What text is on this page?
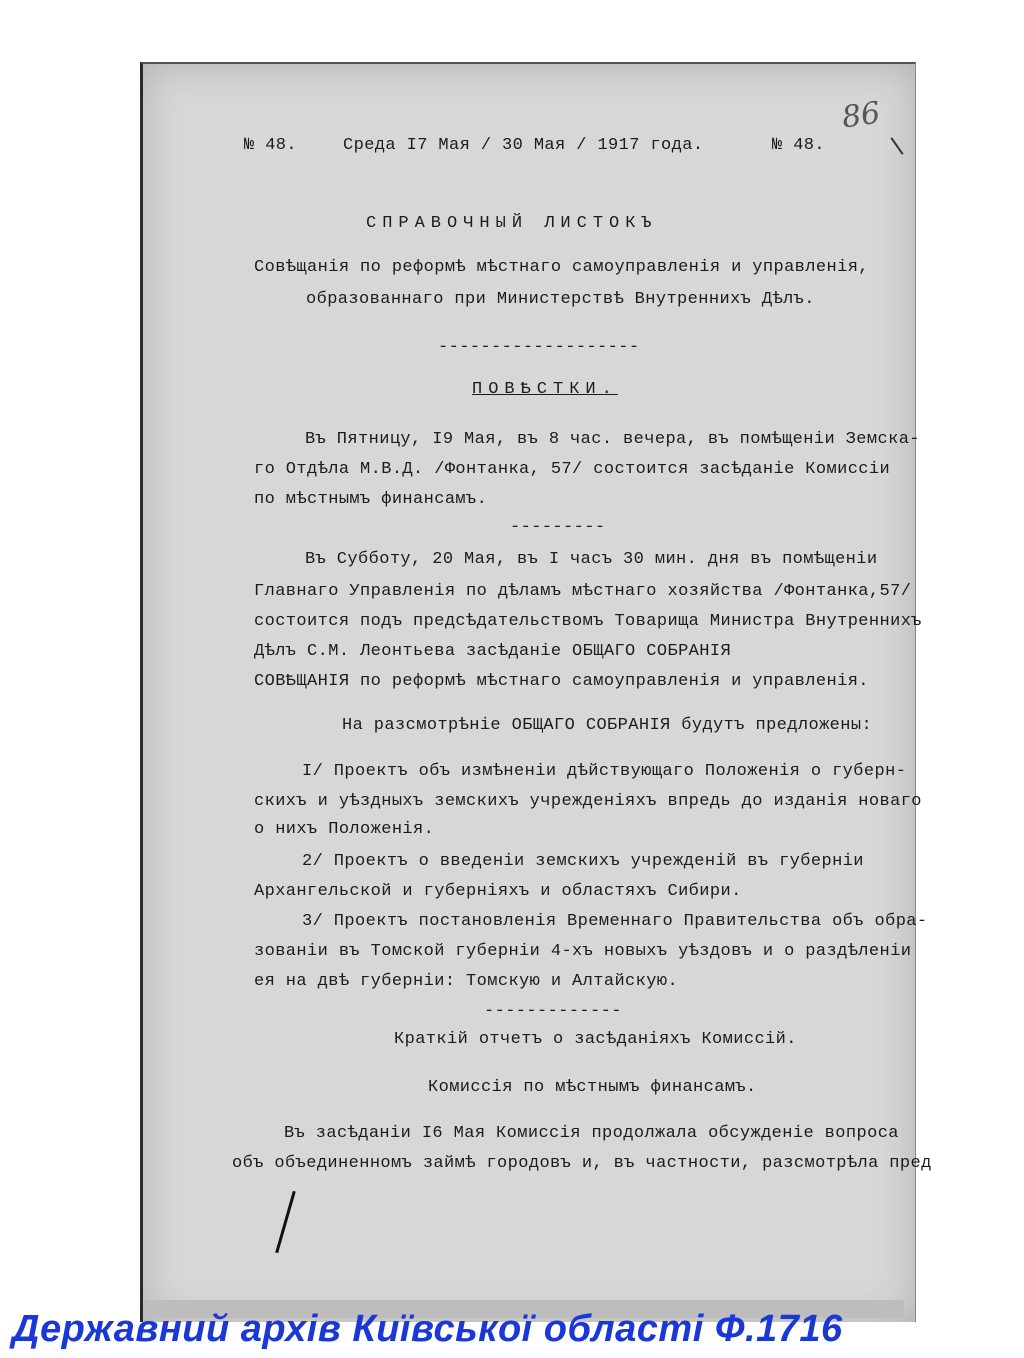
86
№ 48.	Среда I7 Мая / 30 Мая / 1917 года.	№ 48.
СПРАВОЧНЫЙ ЛИСТОКЪ
Совѣщанія по реформѣ мѣстнаго самоуправленія и управленія,
образованнаго при Министерствѣ Внутреннихъ Дѣлъ.
-------------------
ПОВѢСТКИ.
Въ Пятницу, I9 Мая, въ 8 час. вечера, въ помѣщеніи Земска-
го Отдѣла М.В.Д. /Фонтанка, 57/ состоится засѣданіе Комиссіи
по мѣстнымъ финансамъ.
---------
Въ Субботу, 20 Мая, въ I часъ 30 мин. дня въ помѣщеніи
Главнаго Управленія по дѣламъ мѣстнаго хозяйства /Фонтанка,57/
состоится подъ предсѣдательствомъ Товарища Министра Внутреннихъ
Дѣлъ С.М. Леонтьева засѣданіе ОБЩАГО СОБРАНІЯ
СОВѢЩАНІЯ по реформѣ мѣстнаго самоуправленія и управленія.
На разсмотрѣніе ОБЩАГО СОБРАНІЯ будутъ предложены:
I/ Проектъ объ измѣненіи дѣйствующаго Положенія о губерн-
скихъ и уѣздныхъ земскихъ учрежденіяхъ впредь до изданія новаго
о нихъ Положенія.
2/ Проектъ о введеніи земскихъ учрежденій въ губерніи
Архангельской и губерніяхъ и областяхъ Сибири.
3/ Проектъ постановленія Временнаго Правительства объ обра-
зованіи въ Томской губерніи 4-хъ новыхъ уѣздовъ и о раздѣленіи
ея на двѣ губерніи: Томскую и Алтайскую.
-------------
Краткій отчетъ о засѣданіяхъ Комиссій.
Комиссія по мѣстнымъ финансамъ.
Въ засѣданіи I6 Мая Комиссія продолжала обсужденіе вопроса
объ объединенномъ займѣ городовъ и, въ частности, разсмотрѣла пред
Державний архів Київської області Ф.1716
